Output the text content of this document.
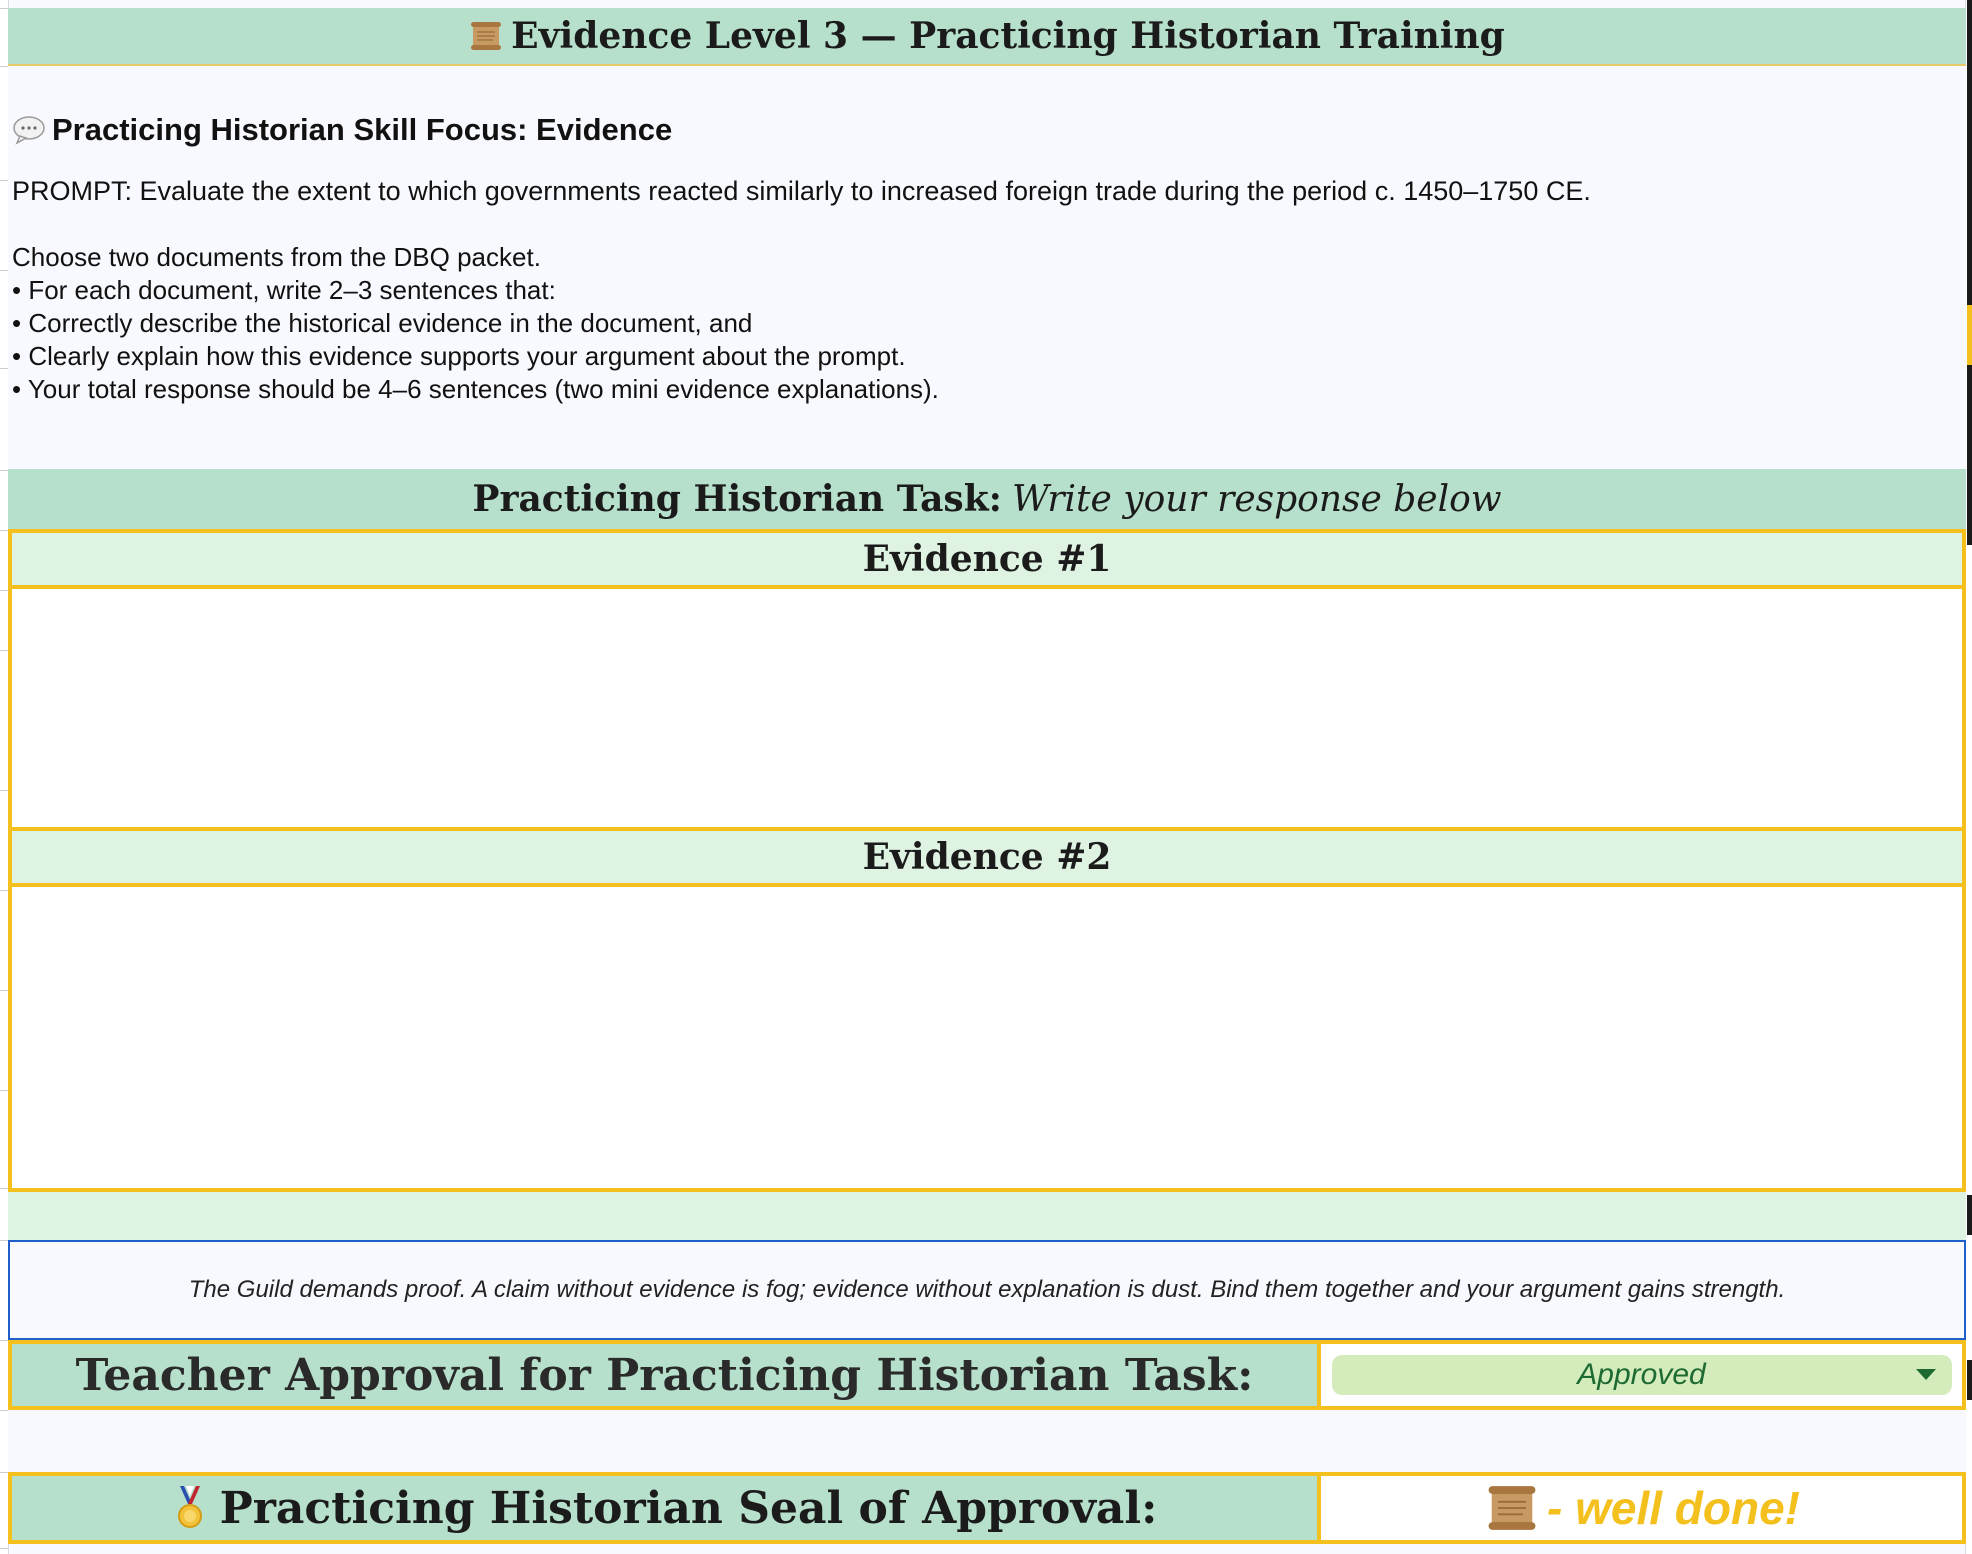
Evidence Level 3 — Practicing Historian Training
Practicing Historian Skill Focus: Evidence
PROMPT: Evaluate the extent to which governments reacted similarly to increased foreign trade during the period c. 1450–1750 CE.
Choose two documents from the DBQ packet.
• For each document, write 2–3 sentences that:
• Correctly describe the historical evidence in the document, and
• Clearly explain how this evidence supports your argument about the prompt.
• Your total response should be 4–6 sentences (two mini evidence explanations).
Practicing Historian Task: Write your response below
Evidence #1
Evidence #2
The Guild demands proof. A claim without evidence is fog; evidence without explanation is dust. Bind them together and your argument gains strength.
Teacher Approval for Practicing Historian Task:	Approved
Practicing Historian Seal of Approval:	- well done!
